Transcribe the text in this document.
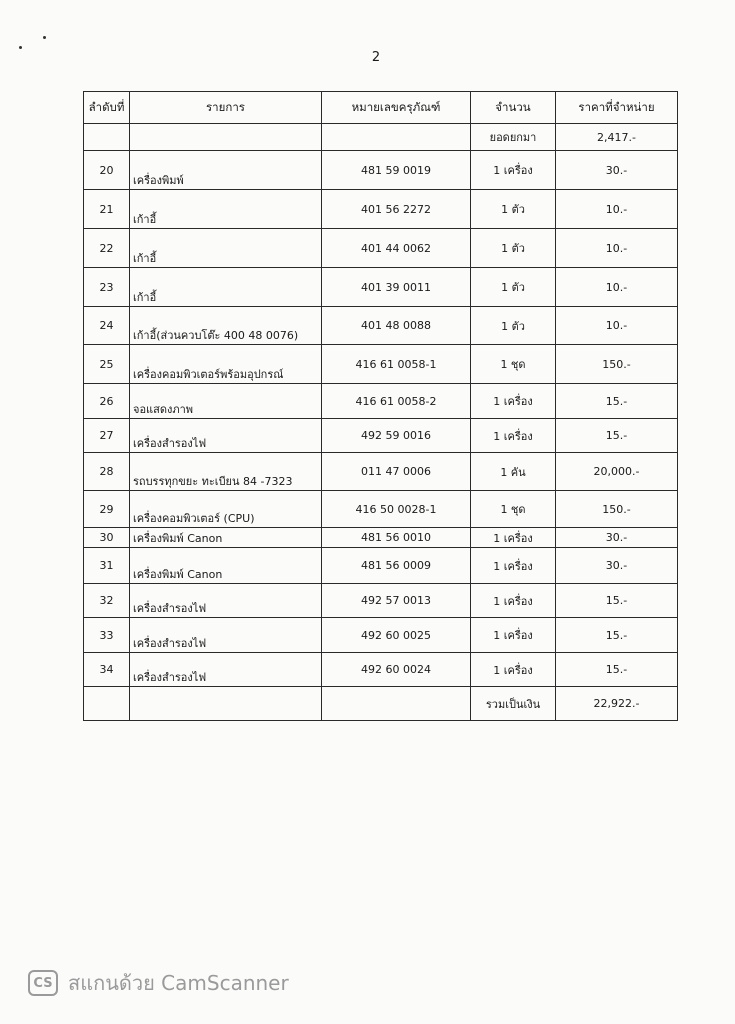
2
ลำดับที่	รายการ	หมายเลขครุภัณฑ์	จำนวน	ราคาที่จำหน่าย
			ยอดยกมา	2,417.-
20	เครื่องพิมพ์	481 59 0019	1 เครื่อง	30.-
21	เก้าอี้	401 56 2272	1 ตัว	10.-
22	เก้าอี้	401 44 0062	1 ตัว	10.-
23	เก้าอี้	401 39 0011	1 ตัว	10.-
24	เก้าอี้(ส่วนควบโต๊ะ 400 48 0076)	401 48 0088	1 ตัว	10.-
25	เครื่องคอมพิวเตอร์พร้อมอุปกรณ์	416 61 0058-1	1 ชุด	150.-
26	จอแสดงภาพ	416 61 0058-2	1 เครื่อง	15.-
27	เครื่องสำรองไฟ	492 59 0016	1 เครื่อง	15.-
28	รถบรรทุกขยะ ทะเบียน 84 -7323	011 47 0006	1 คัน	20,000.-
29	เครื่องคอมพิวเตอร์ (CPU)	416 50 0028-1	1 ชุด	150.-
30	เครื่องพิมพ์ Canon	481 56 0010	1 เครื่อง	30.-
31	เครื่องพิมพ์ Canon	481 56 0009	1 เครื่อง	30.-
32	เครื่องสำรองไฟ	492 57 0013	1 เครื่อง	15.-
33	เครื่องสำรองไฟ	492 60 0025	1 เครื่อง	15.-
34	เครื่องสำรองไฟ	492 60 0024	1 เครื่อง	15.-
			รวมเป็นเงิน	22,922.-
CS สแกนด้วย CamScanner
